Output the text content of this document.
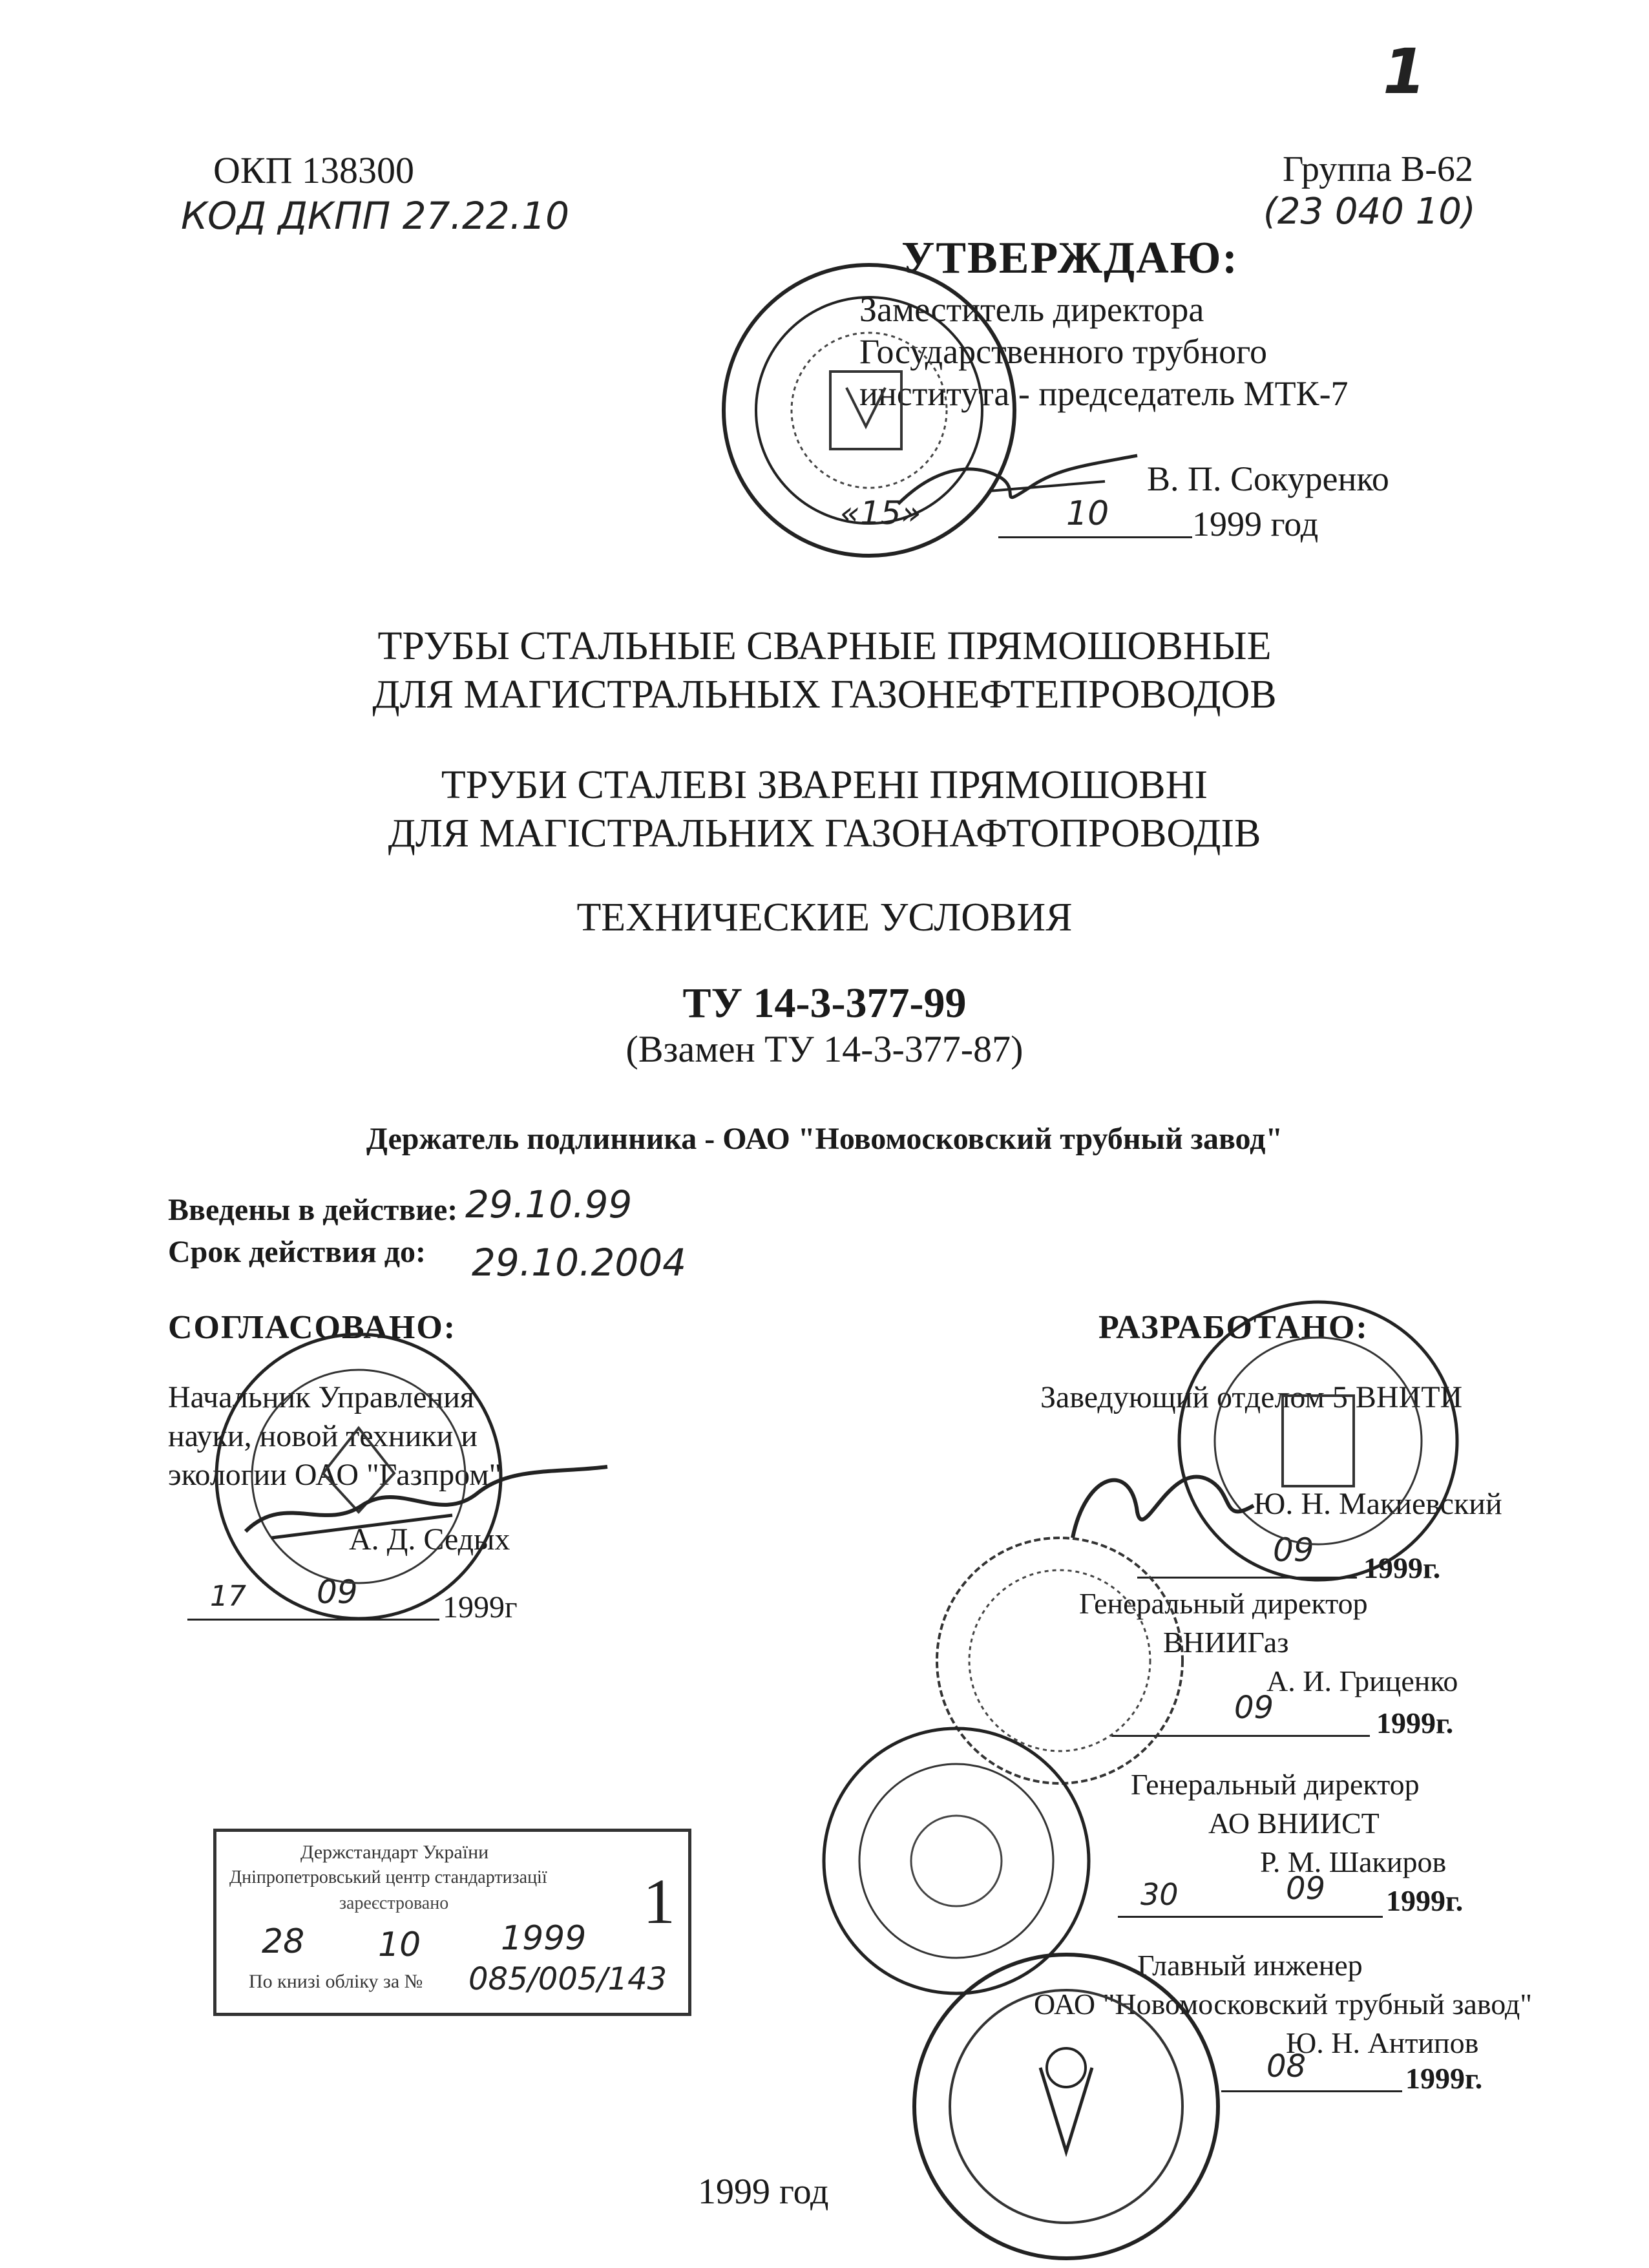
1
ОКП 138300
КОД ДКПП 27.22.10
Группа В-62
(23 040 10)
УТВЕРЖДАЮ:
Заместитель директора
Государственного трубного
института - председатель МТК-7
В. П. Сокуренко
«15»	10 1999 год
ТРУБЫ СТАЛЬНЫЕ СВАРНЫЕ ПРЯМОШОВНЫЕ
ДЛЯ МАГИСТРАЛЬНЫХ ГАЗОНЕФТЕПРОВОДОВ
ТРУБИ СТАЛЕВІ ЗВАРЕНІ ПРЯМОШОВНІ
ДЛЯ МАГІСТРАЛЬНИХ ГАЗОНАФТОПРОВОДІВ
ТЕХНИЧЕСКИЕ УСЛОВИЯ
ТУ 14-3-377-99
(Взамен ТУ 14-3-377-87)
Держатель подлинника - ОАО "Новомосковский трубный завод"
Введены в действие: 29.10.99
Срок действия до: 29.10.2004
СОГЛАСОВАНО:
Начальник Управления
науки, новой техники и
экологии ОАО "Газпром"
А. Д. Седых
17 09	1999г
РАЗРАБОТАНО:
Заведующий отделом 5 ВНИТИ
Ю. Н. Макиевский
09 1999г.
Генеральный директор
ВНИИГаз
А. И. Гриценко
09	1999г.
Генеральный директор
АО ВНИИСТ
Р. М. Шакиров
30	09 1999г.
Главный инженер
ОАО "Новомосковский трубный завод"
Ю. Н. Антипов
08	1999г.
Держстандарт України
Дніпропетровський центр стандартизації
зареєстровано
28 10 1999
По книзі обліку за № 085/005/143
1
1999 год
